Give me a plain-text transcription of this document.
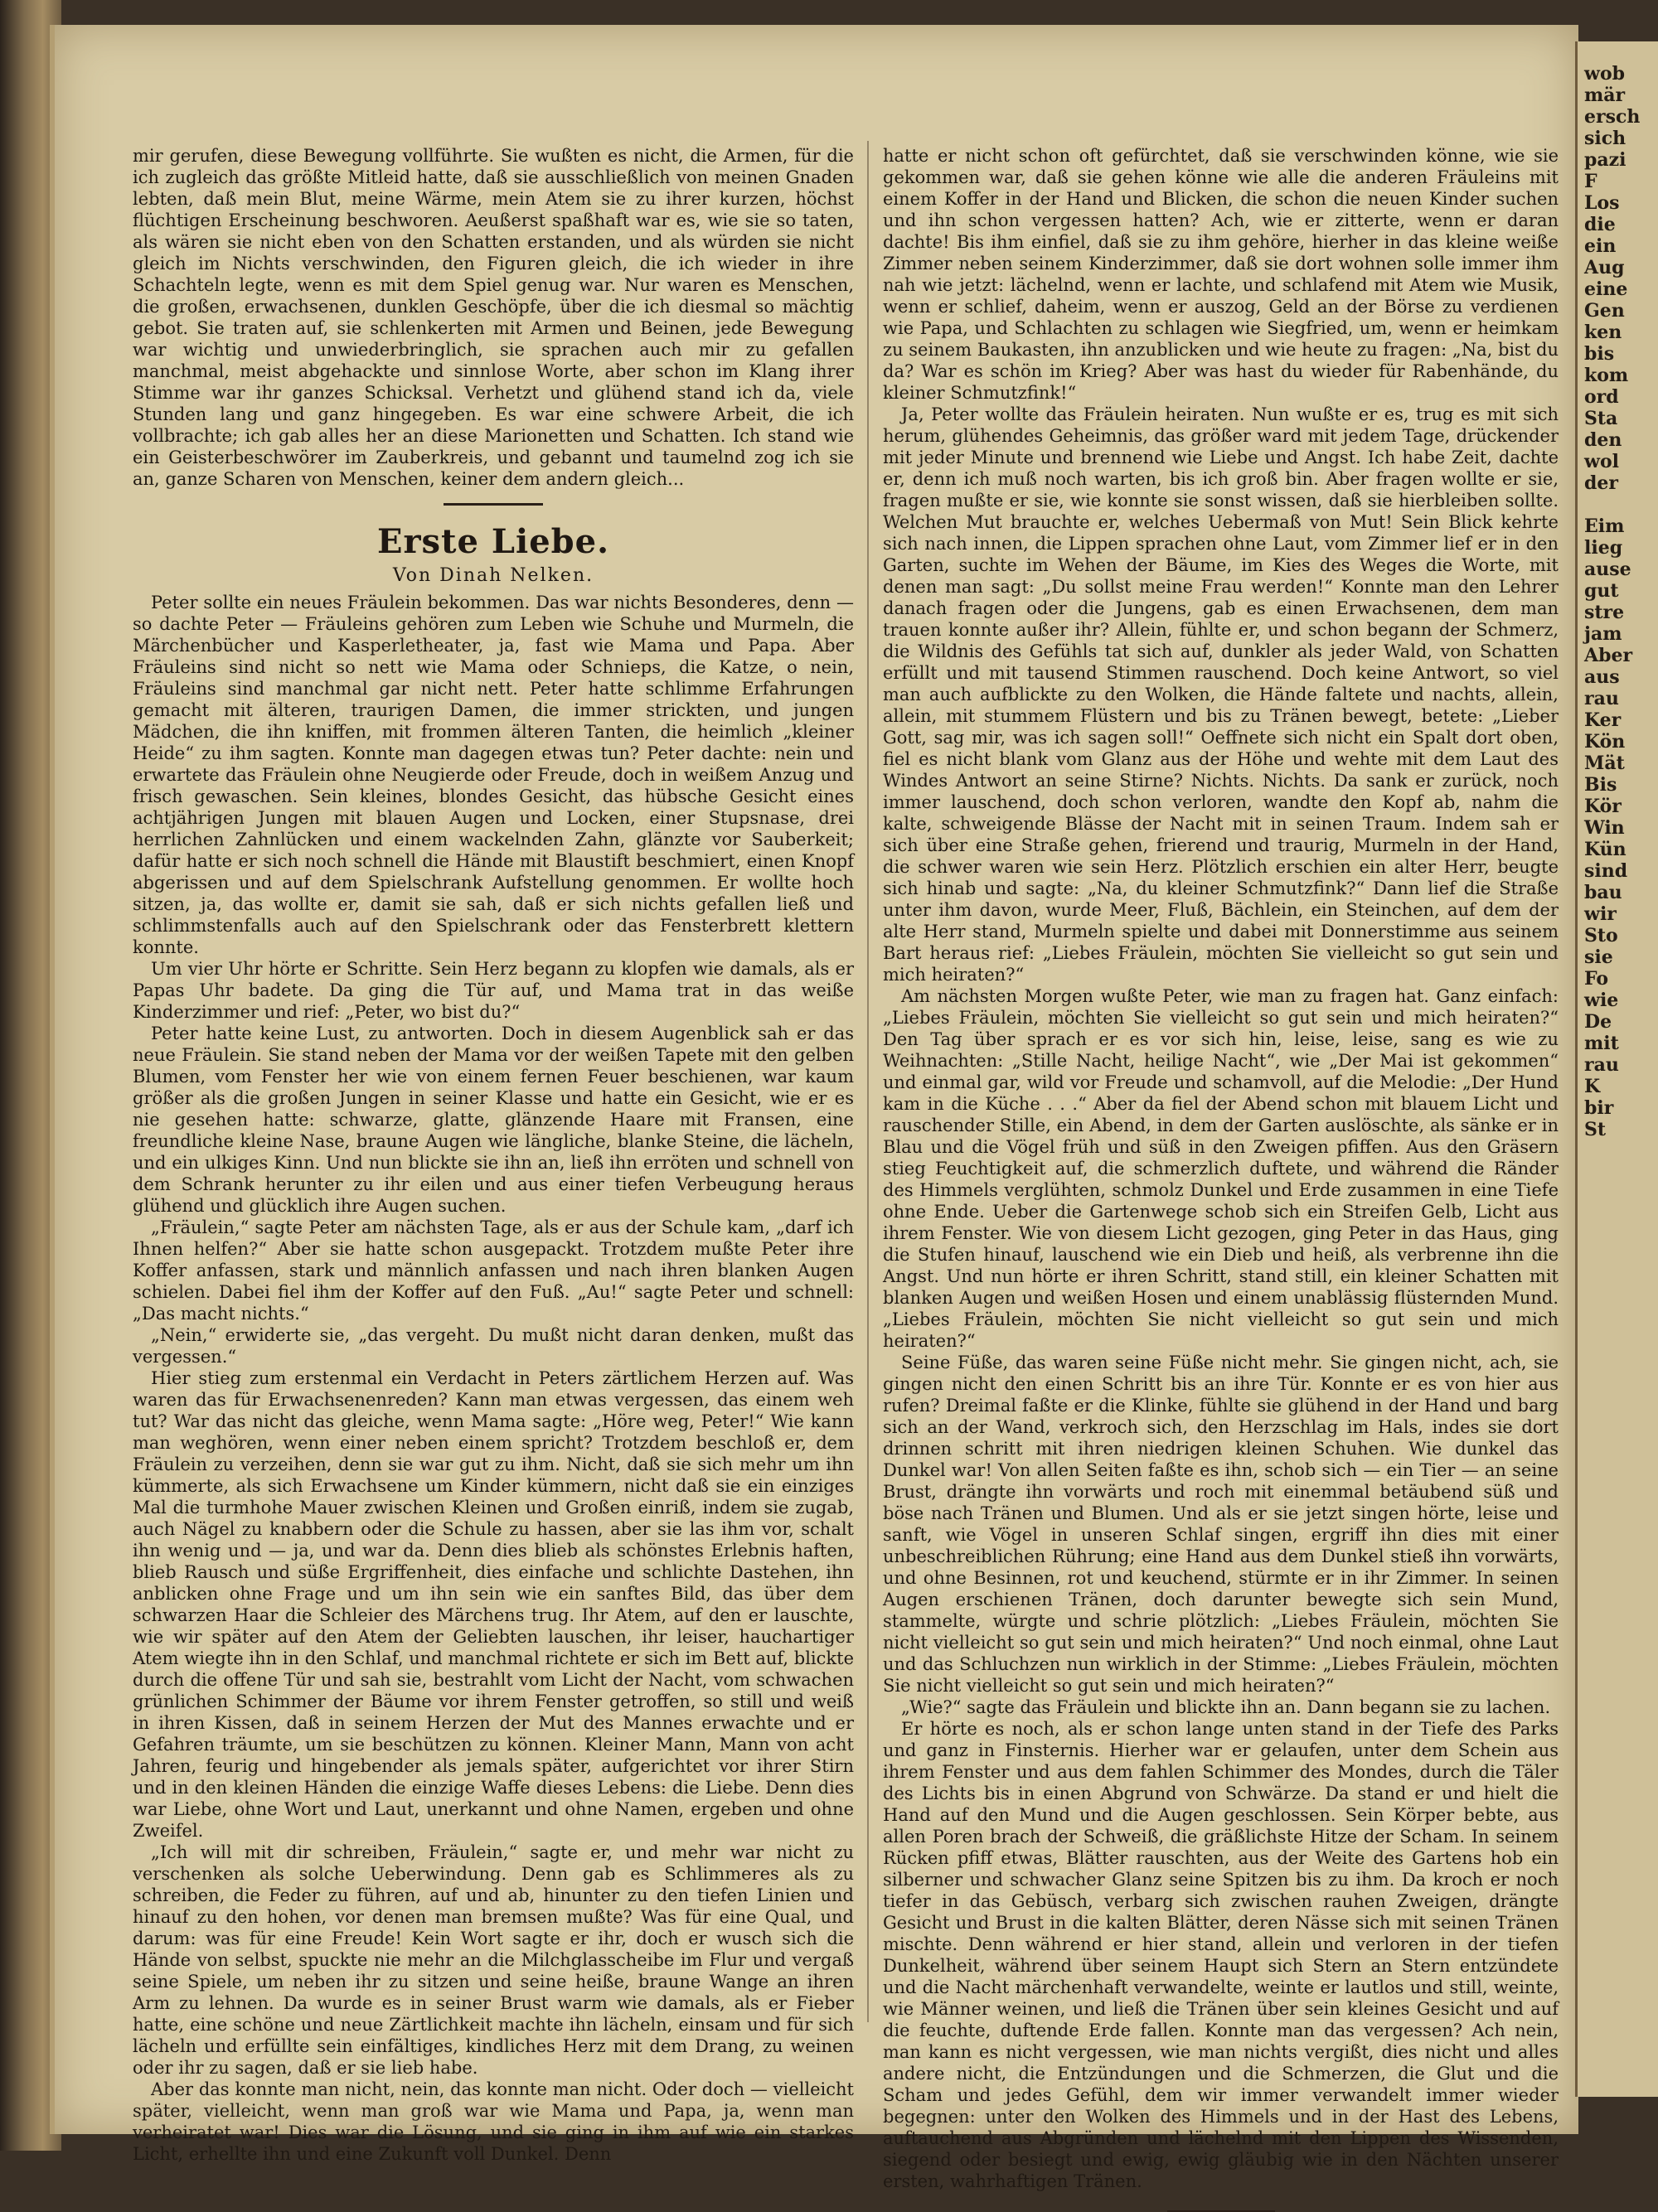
mir gerufen, diese Bewegung vollführte. Sie wußten es nicht, die Armen, für die ich zugleich das größte Mitleid hatte, daß sie ausschließlich von meinen Gnaden lebten, daß mein Blut, meine Wärme, mein Atem sie zu ihrer kurzen, höchst flüchtigen Erscheinung beschworen. Aeußerst spaßhaft war es, wie sie so taten, als wären sie nicht eben von den Schatten erstanden, und als würden sie nicht gleich im Nichts verschwinden, den Figuren gleich, die ich wieder in ihre Schachteln legte, wenn es mit dem Spiel genug war. Nur waren es Menschen, die großen, erwachsenen, dunklen Geschöpfe, über die ich diesmal so mächtig gebot. Sie traten auf, sie schlenkerten mit Armen und Beinen, jede Bewegung war wichtig und unwiederbringlich, sie sprachen auch mir zu gefallen manchmal, meist abgehackte und sinnlose Worte, aber schon im Klang ihrer Stimme war ihr ganzes Schicksal. Verhetzt und glühend stand ich da, viele Stunden lang und ganz hingegeben. Es war eine schwere Arbeit, die ich vollbrachte; ich gab alles her an diese Marionetten und Schatten. Ich stand wie ein Geisterbeschwörer im Zauberkreis, und gebannt und taumelnd zog ich sie an, ganze Scharen von Menschen, keiner dem andern gleich...

Erste Liebe.
Von Dinah Nelken.

Peter sollte ein neues Fräulein bekommen. Das war nichts Besonderes, denn — so dachte Peter — Fräuleins gehören zum Leben wie Schuhe und Murmeln, die Märchenbücher und Kasperletheater, ja, fast wie Mama und Papa. Aber Fräuleins sind nicht so nett wie Mama oder Schnieps, die Katze, o nein, Fräuleins sind manchmal gar nicht nett. Peter hatte schlimme Erfahrungen gemacht mit älteren, traurigen Damen, die immer strickten, und jungen Mädchen, die ihn kniffen, mit frommen älteren Tanten, die heimlich „kleiner Heide“ zu ihm sagten. Konnte man dagegen etwas tun? Peter dachte: nein und erwartete das Fräulein ohne Neugierde oder Freude, doch in weißem Anzug und frisch gewaschen. Sein kleines, blondes Gesicht, das hübsche Gesicht eines achtjährigen Jungen mit blauen Augen und Locken, einer Stupsnase, drei herrlichen Zahnlücken und einem wackelnden Zahn, glänzte vor Sauberkeit; dafür hatte er sich noch schnell die Hände mit Blaustift beschmiert, einen Knopf abgerissen und auf dem Spielschrank Aufstellung genommen. Er wollte hoch sitzen, ja, das wollte er, damit sie sah, daß er sich nichts gefallen ließ und schlimmstenfalls auch auf den Spielschrank oder das Fensterbrett klettern konnte.

Um vier Uhr hörte er Schritte. Sein Herz begann zu klopfen wie damals, als er Papas Uhr badete. Da ging die Tür auf, und Mama trat in das weiße Kinderzimmer und rief: „Peter, wo bist du?“

Peter hatte keine Lust, zu antworten. Doch in diesem Augenblick sah er das neue Fräulein. Sie stand neben der Mama vor der weißen Tapete mit den gelben Blumen, vom Fenster her wie von einem fernen Feuer beschienen, war kaum größer als die großen Jungen in seiner Klasse und hatte ein Gesicht, wie er es nie gesehen hatte: schwarze, glatte, glänzende Haare mit Fransen, eine freundliche kleine Nase, braune Augen wie längliche, blanke Steine, die lächeln, und ein ulkiges Kinn. Und nun blickte sie ihn an, ließ ihn erröten und schnell von dem Schrank herunter zu ihr eilen und aus einer tiefen Verbeugung heraus glühend und glücklich ihre Augen suchen.

„Fräulein,“ sagte Peter am nächsten Tage, als er aus der Schule kam, „darf ich Ihnen helfen?“ Aber sie hatte schon ausgepackt. Trotzdem mußte Peter ihre Koffer anfassen, stark und männlich anfassen und nach ihren blanken Augen schielen. Dabei fiel ihm der Koffer auf den Fuß. „Au!“ sagte Peter und schnell: „Das macht nichts.“

„Nein,“ erwiderte sie, „das vergeht. Du mußt nicht daran denken, mußt das vergessen.“

Hier stieg zum erstenmal ein Verdacht in Peters zärtlichem Herzen auf. Was waren das für Erwachsenenreden? Kann man etwas vergessen, das einem weh tut? War das nicht das gleiche, wenn Mama sagte: „Höre weg, Peter!“ Wie kann man weghören, wenn einer neben einem spricht? Trotzdem beschloß er, dem Fräulein zu verzeihen, denn sie war gut zu ihm. Nicht, daß sie sich mehr um ihn kümmerte, als sich Erwachsene um Kinder kümmern, nicht daß sie ein einziges Mal die turmhohe Mauer zwischen Kleinen und Großen einriß, indem sie zugab, auch Nägel zu knabbern oder die Schule zu hassen, aber sie las ihm vor, schalt ihn wenig und — ja, und war da. Denn dies blieb als schönstes Erlebnis haften, blieb Rausch und süße Ergriffenheit, dies einfache und schlichte Dastehen, ihn anblicken ohne Frage und um ihn sein wie ein sanftes Bild, das über dem schwarzen Haar die Schleier des Märchens trug. Ihr Atem, auf den er lauschte, wie wir später auf den Atem der Geliebten lauschen, ihr leiser, hauchartiger Atem wiegte ihn in den Schlaf, und manchmal richtete er sich im Bett auf, blickte durch die offene Tür und sah sie, bestrahlt vom Licht der Nacht, vom schwachen grünlichen Schimmer der Bäume vor ihrem Fenster getroffen, so still und weiß in ihren Kissen, daß in seinem Herzen der Mut des Mannes erwachte und er Gefahren träumte, um sie beschützen zu können. Kleiner Mann, Mann von acht Jahren, feurig und hingebender als jemals später, aufgerichtet vor ihrer Stirn und in den kleinen Händen die einzige Waffe dieses Lebens: die Liebe. Denn dies war Liebe, ohne Wort und Laut, unerkannt und ohne Namen, ergeben und ohne Zweifel.

„Ich will mit dir schreiben, Fräulein,“ sagte er, und mehr war nicht zu verschenken als solche Ueberwindung. Denn gab es Schlimmeres als zu schreiben, die Feder zu führen, auf und ab, hinunter zu den tiefen Linien und hinauf zu den hohen, vor denen man bremsen mußte? Was für eine Qual, und darum: was für eine Freude! Kein Wort sagte er ihr, doch er wusch sich die Hände von selbst, spuckte nie mehr an die Milchglasscheibe im Flur und vergaß seine Spiele, um neben ihr zu sitzen und seine heiße, braune Wange an ihren Arm zu lehnen. Da wurde es in seiner Brust warm wie damals, als er Fieber hatte, eine schöne und neue Zärtlichkeit machte ihn lächeln, einsam und für sich lächeln und erfüllte sein einfältiges, kindliches Herz mit dem Drang, zu weinen oder ihr zu sagen, daß er sie lieb habe.

Aber das konnte man nicht, nein, das konnte man nicht. Oder doch — vielleicht später, vielleicht, wenn man groß war wie Mama und Papa, ja, wenn man verheiratet war! Dies war die Lösung, und sie ging in ihm auf wie ein starkes Licht, erhellte ihn und eine Zukunft voll Dunkel. Denn

hatte er nicht schon oft gefürchtet, daß sie verschwinden könne, wie sie gekommen war, daß sie gehen könne wie alle die anderen Fräuleins mit einem Koffer in der Hand und Blicken, die schon die neuen Kinder suchen und ihn schon vergessen hatten? Ach, wie er zitterte, wenn er daran dachte! Bis ihm einfiel, daß sie zu ihm gehöre, hierher in das kleine weiße Zimmer neben seinem Kinderzimmer, daß sie dort wohnen solle immer ihm nah wie jetzt: lächelnd, wenn er lachte, und schlafend mit Atem wie Musik, wenn er schlief, daheim, wenn er auszog, Geld an der Börse zu verdienen wie Papa, und Schlachten zu schlagen wie Siegfried, um, wenn er heimkam zu seinem Baukasten, ihn anzublicken und wie heute zu fragen: „Na, bist du da? War es schön im Krieg? Aber was hast du wieder für Rabenhände, du kleiner Schmutzfink!“

Ja, Peter wollte das Fräulein heiraten. Nun wußte er es, trug es mit sich herum, glühendes Geheimnis, das größer ward mit jedem Tage, drückender mit jeder Minute und brennend wie Liebe und Angst. Ich habe Zeit, dachte er, denn ich muß noch warten, bis ich groß bin. Aber fragen wollte er sie, fragen mußte er sie, wie konnte sie sonst wissen, daß sie hierbleiben sollte. Welchen Mut brauchte er, welches Uebermaß von Mut! Sein Blick kehrte sich nach innen, die Lippen sprachen ohne Laut, vom Zimmer lief er in den Garten, suchte im Wehen der Bäume, im Kies des Weges die Worte, mit denen man sagt: „Du sollst meine Frau werden!“ Konnte man den Lehrer danach fragen oder die Jungens, gab es einen Erwachsenen, dem man trauen konnte außer ihr? Allein, fühlte er, und schon begann der Schmerz, die Wildnis des Gefühls tat sich auf, dunkler als jeder Wald, von Schatten erfüllt und mit tausend Stimmen rauschend. Doch keine Antwort, so viel man auch aufblickte zu den Wolken, die Hände faltete und nachts, allein, allein, mit stummem Flüstern und bis zu Tränen bewegt, betete: „Lieber Gott, sag mir, was ich sagen soll!“ Oeffnete sich nicht ein Spalt dort oben, fiel es nicht blank vom Glanz aus der Höhe und wehte mit dem Laut des Windes Antwort an seine Stirne? Nichts. Nichts. Da sank er zurück, noch immer lauschend, doch schon verloren, wandte den Kopf ab, nahm die kalte, schweigende Blässe der Nacht mit in seinen Traum. Indem sah er sich über eine Straße gehen, frierend und traurig, Murmeln in der Hand, die schwer waren wie sein Herz. Plötzlich erschien ein alter Herr, beugte sich hinab und sagte: „Na, du kleiner Schmutzfink?“ Dann lief die Straße unter ihm davon, wurde Meer, Fluß, Bächlein, ein Steinchen, auf dem der alte Herr stand, Murmeln spielte und dabei mit Donnerstimme aus seinem Bart heraus rief: „Liebes Fräulein, möchten Sie vielleicht so gut sein und mich heiraten?“

Am nächsten Morgen wußte Peter, wie man zu fragen hat. Ganz einfach: „Liebes Fräulein, möchten Sie vielleicht so gut sein und mich heiraten?“ Den Tag über sprach er es vor sich hin, leise, leise, sang es wie zu Weihnachten: „Stille Nacht, heilige Nacht“, wie „Der Mai ist gekommen“ und einmal gar, wild vor Freude und schamvoll, auf die Melodie: „Der Hund kam in die Küche . . .“ Aber da fiel der Abend schon mit blauem Licht und rauschender Stille, ein Abend, in dem der Garten auslöschte, als sänke er in Blau und die Vögel früh und süß in den Zweigen pfiffen. Aus den Gräsern stieg Feuchtigkeit auf, die schmerzlich duftete, und während die Ränder des Himmels verglühten, schmolz Dunkel und Erde zusammen in eine Tiefe ohne Ende. Ueber die Gartenwege schob sich ein Streifen Gelb, Licht aus ihrem Fenster. Wie von diesem Licht gezogen, ging Peter in das Haus, ging die Stufen hinauf, lauschend wie ein Dieb und heiß, als verbrenne ihn die Angst. Und nun hörte er ihren Schritt, stand still, ein kleiner Schatten mit blanken Augen und weißen Hosen und einem unablässig flüsternden Mund. „Liebes Fräulein, möchten Sie nicht vielleicht so gut sein und mich heiraten?“

Seine Füße, das waren seine Füße nicht mehr. Sie gingen nicht, ach, sie gingen nicht den einen Schritt bis an ihre Tür. Konnte er es von hier aus rufen? Dreimal faßte er die Klinke, fühlte sie glühend in der Hand und barg sich an der Wand, verkroch sich, den Herzschlag im Hals, indes sie dort drinnen schritt mit ihren niedrigen kleinen Schuhen. Wie dunkel das Dunkel war! Von allen Seiten faßte es ihn, schob sich — ein Tier — an seine Brust, drängte ihn vorwärts und roch mit einemmal betäubend süß und böse nach Tränen und Blumen. Und als er sie jetzt singen hörte, leise und sanft, wie Vögel in unseren Schlaf singen, ergriff ihn dies mit einer unbeschreiblichen Rührung; eine Hand aus dem Dunkel stieß ihn vorwärts, und ohne Besinnen, rot und keuchend, stürmte er in ihr Zimmer. In seinen Augen erschienen Tränen, doch darunter bewegte sich sein Mund, stammelte, würgte und schrie plötzlich: „Liebes Fräulein, möchten Sie nicht vielleicht so gut sein und mich heiraten?“ Und noch einmal, ohne Laut und das Schluchzen nun wirklich in der Stimme: „Liebes Fräulein, möchten Sie nicht vielleicht so gut sein und mich heiraten?“

„Wie?“ sagte das Fräulein und blickte ihn an. Dann begann sie zu lachen.

Er hörte es noch, als er schon lange unten stand in der Tiefe des Parks und ganz in Finsternis. Hierher war er gelaufen, unter dem Schein aus ihrem Fenster und aus dem fahlen Schimmer des Mondes, durch die Täler des Lichts bis in einen Abgrund von Schwärze. Da stand er und hielt die Hand auf den Mund und die Augen geschlossen. Sein Körper bebte, aus allen Poren brach der Schweiß, die gräßlichste Hitze der Scham. In seinem Rücken pfiff etwas, Blätter rauschten, aus der Weite des Gartens hob ein silberner und schwacher Glanz seine Spitzen bis zu ihm. Da kroch er noch tiefer in das Gebüsch, verbarg sich zwischen rauhen Zweigen, drängte Gesicht und Brust in die kalten Blätter, deren Nässe sich mit seinen Tränen mischte. Denn während er hier stand, allein und verloren in der tiefen Dunkelheit, während über seinem Haupt sich Stern an Stern entzündete und die Nacht märchenhaft verwandelte, weinte er lautlos und still, weinte, wie Männer weinen, und ließ die Tränen über sein kleines Gesicht und auf die feuchte, duftende Erde fallen. Konnte man das vergessen? Ach nein, man kann es nicht vergessen, wie man nichts vergißt, dies nicht und alles andere nicht, die Entzündungen und die Schmerzen, die Glut und die Scham und jedes Gefühl, dem wir immer verwandelt immer wieder begegnen: unter den Wolken des Himmels und in der Hast des Lebens, auftauchend aus Abgründen und lächelnd mit den Lippen des Wissenden, siegend oder besiegt und ewig, ewig gläubig wie in den Nächten unserer ersten, wahrhaftigen Tränen.

wob
mär
ersch
sich
pazi
F
Los
die
ein
Aug
eine
Gen
ken
bis
kom
ord
Sta
den
wol
der

Eim
lieg
ause
gut
stre
jam
Aber
aus
rau
Ker
Kön
Mät
Bis
Kör
Win
Kün
sind
bau
wir
Sto
sie
Fo
wie
De
mit
rau
K
bir
St
